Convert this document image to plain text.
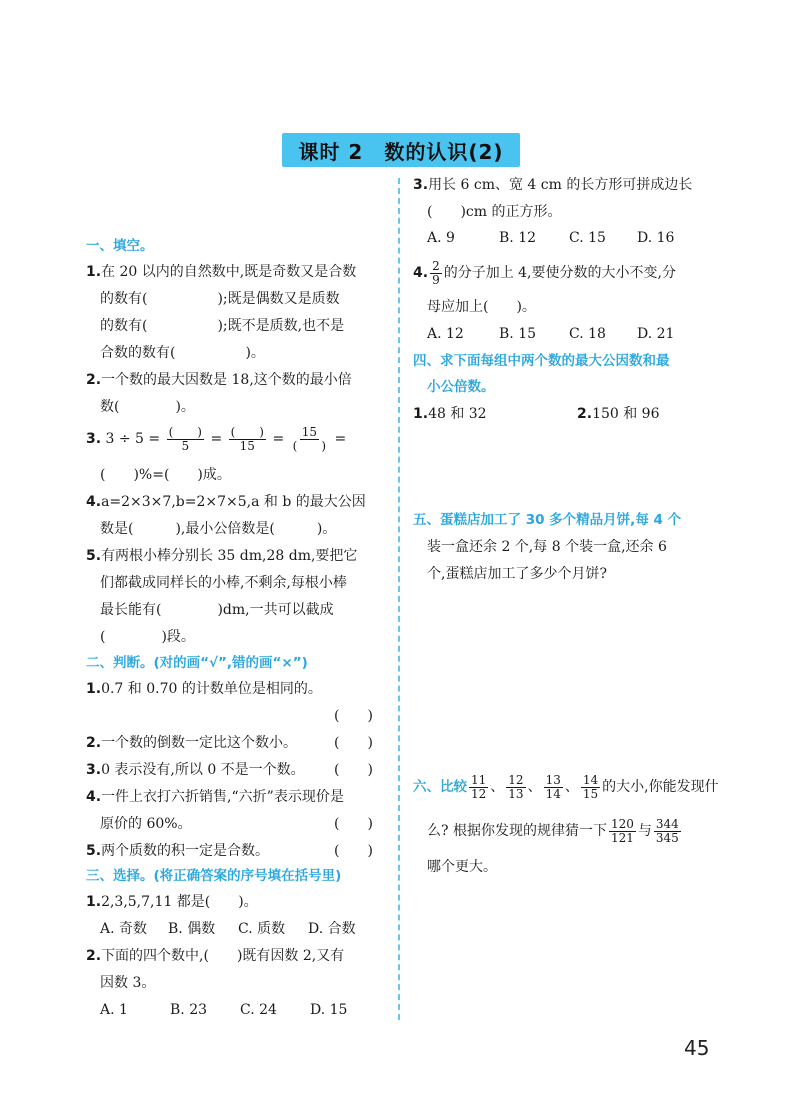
课时 2　数的认识(2)
一、填空。
1.在 20 以内的自然数中,既是奇数又是合数
的数有(　　　　　);既是偶数又是质数
的数有(　　　　　);既不是质数,也不是
合数的数有(　　　　　)。
2.一个数的最大因数是 18,这个数的最小倍
数(　　　　)。
3. $3 \div 5 = \frac{( )}{5} = \frac{( )}{15} = \frac{15}{( )}$ =
(　　)%=(　　)成。
4.a=2×3×7,b=2×7×5,a 和 b 的最大公因
数是(　　　),最小公倍数是(　　　)。
5.有两根小棒分别长 35 dm,28 dm,要把它
们都截成同样长的小棒,不剩余,每根小棒
最长能有(　　　　)dm,一共可以截成
(　　　　)段。
二、判断。(对的画“√”,错的画“×”)
1.0.7 和 0.70 的计数单位是相同的。
(　　)
2.一个数的倒数一定比这个数小。	(　　)
3.0 表示没有,所以 0 不是一个数。 (　　)
4.一件上衣打六折销售,“六折”表示现价是
原价的 60%。	(　　)
5.两个质数的积一定是合数。	(　　)
三、选择。(将正确答案的序号填在括号里)
1.2,3,5,7,11 都是(　　)。
A. 奇数 B. 偶数 C. 质数 D. 合数
2.下面的四个数中,(　　)既有因数 2,又有
因数 3。
A. 1	B. 23 C. 24 D. 15
3.用长 6 cm、宽 4 cm 的长方形可拼成边长
(　　)cm 的正方形。
A. 9	B. 12 C. 15 D. 16
4. $\frac{2}{9}$ 的分子加上 4,要使分数的大小不变,分
母应加上(　　)。
A. 12	B. 15 C. 18 D. 21
四、求下面每组中两个数的最大公因数和最
小公倍数。
1.48 和 32	2.150 和 96
五、蛋糕店加工了 30 多个精品月饼,每 4 个
装一盒还余 2 个,每 8 个装一盒,还余 6
个,蛋糕店加工了多少个月饼?
六、比较 $\frac{11}{12}$ 、 $\frac{12}{13}$ 、 $\frac{13}{14}$ 、 $\frac{14}{15}$ 的大小,你能发现什
么? 根据你发现的规律猜一下 $\frac{120}{121}$ 与 $\frac{344}{345}$
哪个更大。
45
